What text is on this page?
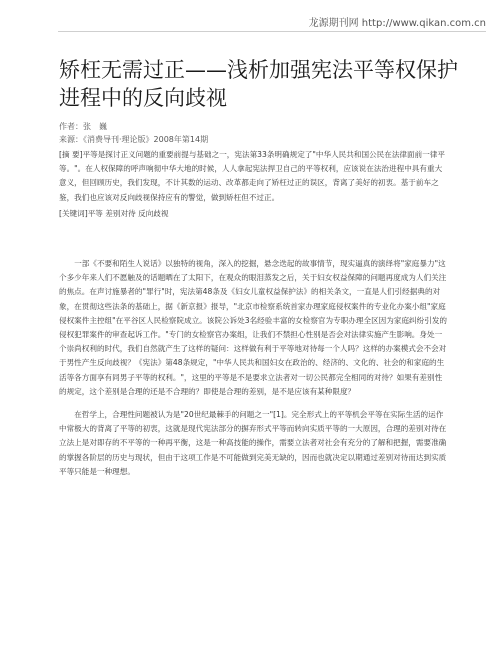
龙源期刊网 http://www.qikan.com.cn
矫枉无需过正——浅析加强宪法平等权保护进程中的反向歧视
作者：张　巍
来源：《消费导刊·理论版》2008年第14期
[摘 要]平等是探讨正义问题的重要前提与基础之一，宪法第33条明确规定了"中华人民共和国公民在法律面前一律平等。"。在人权保障的呼声响彻中华大地的时候，人人拿起宪法捍卫自己的平等权利，应该说在法治进程中具有重大意义，但回顾历史，我们发现，不计其数的运动、改革都走向了矫枉过正的误区，背离了美好的初衷。基于前车之鉴，我们也应该对反向歧视保持应有的警觉，做到矫枉但不过正。
[关键词]平等 差别对待 反向歧视

一部《不要和陌生人说话》以独特的视角，深入的挖掘，悬念迭起的故事情节，现实逼真的演绎将"家庭暴力"这个多少年来人们不愿触及的话题晒在了太阳下，在观众的眼泪蒸发之后，关于妇女权益保障的问题再度成为人们关注的焦点。在声讨施暴者的"罪行"时，宪法第48条及《妇女儿童权益保护法》的相关条文，一直是人们引经据典的对象，在贯彻这些法条的基础上，据《新京报》报导，"北京市检察系统首家办理家庭侵权案件的专业化办案小组"家庭侵权案件主控组"在平谷区人民检察院成立。该院公诉处3名经验丰富的女检察官为专职办理全区因为家庭纠纷引发的侵权犯罪案件的审查起诉工作。"专门的女检察官办案组，让我们不禁担心性别是否会对法律实施产生影响。身处一个崇尚权利的时代，我们自然就产生了这样的疑问：这样做有利于平等地对待每一个人吗？这样的办案模式会不会对于男性产生反向歧视？《宪法》第48条规定，"中华人民共和国妇女在政治的、经济的、文化的、社会的和家庭的生活等各方面享有同男子平等的权利。"，这里的平等是不是要求立法者对一切公民都完全相同的对待？如果有差别性的规定，这个差别是合理的还是不合理的？即使是合理的差别，是不是应该有某种限度？

在哲学上，合理性问题被认为是"20世纪最棘手的问题之一"[1]。完全形式上的平等机会平等在实际生活的运作中常极大的背离了平等的初衷，这就是现代宪法部分的摒弃形式平等而转向实质平等的一大原因，合理的差别对待在立法上是对即存的不平等的一种再平衡，这是一种高技能的操作，需要立法者对社会有充分的了解和把握，需要准确的掌握各阶层的历史与现状，但由于这项工作是不可能做到完美无缺的，因而也就决定以期通过差别对待而达到实质平等只能是一种理想。
